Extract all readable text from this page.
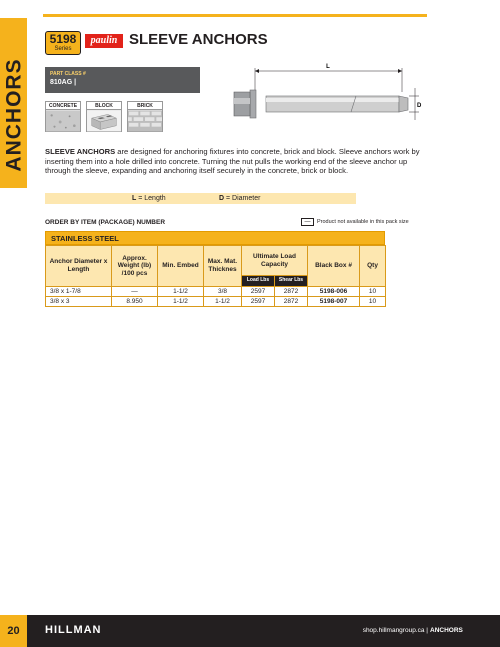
ANCHORS
5198
Series
paulin SLEEVE ANCHORS
PART CLASS #
810AG |
CONCRETE	BLOCK	BRICK
L
D

SLEEVE ANCHORS are designed for anchoring fixtures into concrete, brick and block. Sleeve anchors work by inserting them into a hole drilled into concrete. Turning the nut pulls the working end of the sleeve anchor up through the sleeve, expanding and anchoring itself securely in the concrete, brick or block.

L = Length	D = Diameter
ORDER BY ITEM (PACKAGE) NUMBER	— Product not available in this pack size
STAINLESS STEEL
Anchor Diameter x Length	Approx. Weight (lb) /100 pcs	Min. Embed	Max. Mat. Thicknes	Ultimate Load Capacity		Black Box #	Qty
				Load Lbs	Shear Lbs		
3/8 x 1-7/8	—	1-1/2	3/8	2597	2872	5198-006	10
3/8 x 3	8.950	1-1/2	1-1/2	2597	2872	5198-007	10
20	HILLMAN	shop.hillmangroup.ca | ANCHORS
